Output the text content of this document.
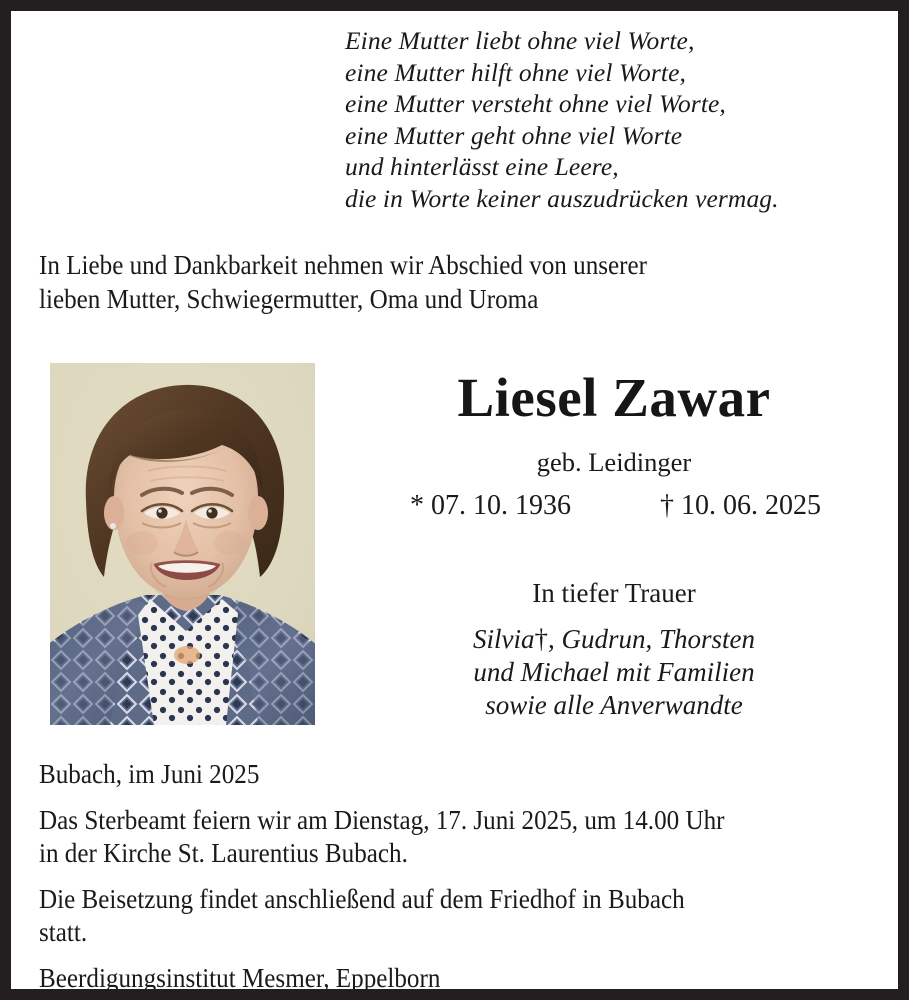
Eine Mutter liebt ohne viel Worte,
eine Mutter hilft ohne viel Worte,
eine Mutter versteht ohne viel Worte,
eine Mutter geht ohne viel Worte
und hinterlässt eine Leere,
die in Worte keiner auszudrücken vermag.
In Liebe und Dankbarkeit nehmen wir Abschied von unserer
lieben Mutter, Schwiegermutter, Oma und Uroma
Liesel Zawar
geb. Leidinger
* 07. 10. 1936	† 10. 06. 2025
In tiefer Trauer
Silvia†, Gudrun, Thorsten
und Michael mit Familien
sowie alle Anverwandte
Bubach, im Juni 2025
Das Sterbeamt feiern wir am Dienstag, 17. Juni 2025, um 14.00 Uhr
in der Kirche St. Laurentius Bubach.
Die Beisetzung findet anschließend auf dem Friedhof in Bubach
statt.
Beerdigungsinstitut Mesmer, Eppelborn
